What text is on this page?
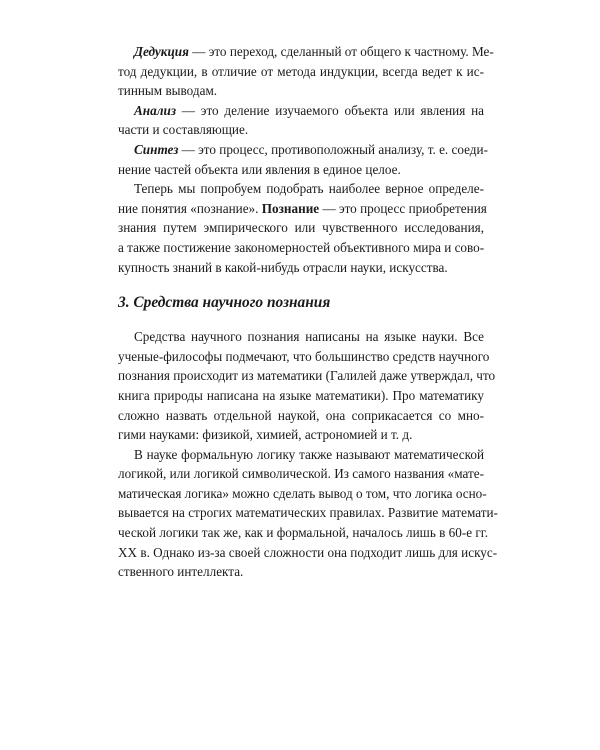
Дедукция — это переход, сделанный от общего к частному. Ме-
тод дедукции, в отличие от метода индукции, всегда ведет к ис-
тинным выводам.
Анализ — это деление изучаемого объекта или явления на
части и составляющие.
Синтез — это процесс, противоположный анализу, т. е. соеди-
нение частей объекта или явления в единое целое.
Теперь мы попробуем подобрать наиболее верное определе-
ние понятия «познание». Познание — это процесс приобретения
знания путем эмпирического или чувственного исследования,
а также постижение закономерностей объективного мира и сово-
купность знаний в какой-нибудь отрасли науки, искусства.
3. Средства научного познания
Средства научного познания написаны на языке науки. Все
ученые-философы подмечают, что большинство средств научного
познания происходит из математики (Галилей даже утверждал, что
книга природы написана на языке математики). Про математику
сложно назвать отдельной наукой, она соприкасается со мно-
гими науками: физикой, химией, астрономией и т. д.
В науке формальную логику также называют математической
логикой, или логикой символической. Из самого названия «мате-
матическая логика» можно сделать вывод о том, что логика осно-
вывается на строгих математических правилах. Развитие математи-
ческой логики так же, как и формальной, началось лишь в 60-е гг.
XX в. Однако из-за своей сложности она подходит лишь для искус-
ственного интеллекта.
